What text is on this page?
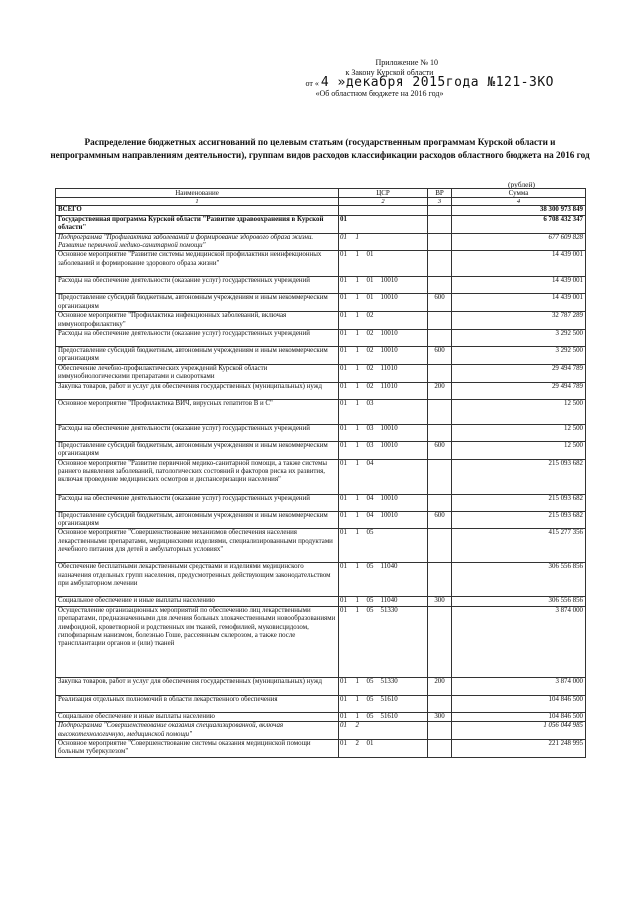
Приложение № 10
к Закону Курской области
от « 4 »декабря 2015года №121-ЗКО
«Об областном бюджете на 2016 год»
Распределение бюджетных ассигнований по целевым статьям (государственным программам Курской области и непрограммным направлениям деятельности), группам видов расходов классификации расходов областного бюджета на 2016 год
(рублей)
Наименование	ЦСР				ВР	Сумма
1	2				3	4
ВСЕГО						38 300 973 849
Государственная программа Курской области "Развитие здравоохранения в Курской области"	01					6 708 432 347
Подпрограмма "Профилактика заболеваний и формирование здорового образа жизни. Развитие первичной медико-санитарной помощи"	01	1				677 609 828
Основное мероприятие "Развитие системы медицинской профилактики неинфекционных заболеваний и формирование здорового образа жизни"	01	1	01			14 439 001
Расходы на обеспечение деятельности (оказание услуг) государственных учреждений	01	1	01	10010		14 439 001
Предоставление субсидий бюджетным, автономным учреждениям и иным некоммерческим организациям	01	1	01	10010	600	14 439 001
Основное мероприятие "Профилактика инфекционных заболеваний, включая иммунопрофилактику"	01	1	02			32 787 289
Расходы на обеспечение деятельности (оказание услуг) государственных учреждений	01	1	02	10010		3 292 500
Предоставление субсидий бюджетным, автономным учреждениям и иным некоммерческим организациям	01	1	02	10010	600	3 292 500
Обеспечение лечебно-профилактических учреждений Курской области иммунобиологическими препаратами и сыворотками	01	1	02	11010		29 494 789
Закупка товаров, работ и услуг для обеспечения государственных (муниципальных) нужд	01	1	02	11010	200	29 494 789
Основное мероприятие "Профилактика ВИЧ, вирусных гепатитов В и С"	01	1	03			12 500
Расходы на обеспечение деятельности (оказание услуг) государственных учреждений	01	1	03	10010		12 500
Предоставление субсидий бюджетным, автономным учреждениям и иным некоммерческим организациям	01	1	03	10010	600	12 500
Основное мероприятие "Развитие первичной медико-санитарной помощи, а также системы раннего выявления заболеваний, патологических состояний и факторов риска их развития, включая проведение медицинских осмотров и диспансеризации населения"	01	1	04			215 093 682
Расходы на обеспечение деятельности (оказание услуг) государственных учреждений	01	1	04	10010		215 093 682
Предоставление субсидий бюджетным, автономным учреждениям и иным некоммерческим организациям	01	1	04	10010	600	215 093 682
Основное мероприятие "Совершенствование механизмов обеспечения населения лекарственными препаратами, медицинскими изделиями, специализированными продуктами лечебного питания для детей в амбулаторных условиях"	01	1	05			415 277 356
Обеспечение бесплатными лекарственными средствами и изделиями медицинского назначения отдельных групп населения, предусмотренных действующим законодательством при амбулаторном лечении	01	1	05	11040		306 556 856
Социальное обеспечение и иные выплаты населению	01	1	05	11040	300	306 556 856
Осуществление организационных мероприятий по обеспечению лиц лекарственными препаратами, предназначенными для лечения больных злокачественными новообразованиями лимфоидной, кроветворной и родственных им тканей, гемофилией, муковисцидозом, гипофизарным нанизмом, болезнью Гоше, рассеянным склерозом, а также после трансплантации органов и (или) тканей	01	1	05	51330		3 874 000
Закупка товаров, работ и услуг для обеспечения государственных (муниципальных) нужд	01	1	05	51330	200	3 874 000
Реализация отдельных полномочий в области лекарственного обеспечения	01	1	05	51610		104 846 500
Социальное обеспечение и иные выплаты населению	01	1	05	51610	300	104 846 500
Подпрограмма "Совершенствование оказания специализированной, включая высокотехнологичную, медицинской помощи"	01	2				1 056 044 985
Основное мероприятие "Совершенствование системы оказания медицинской помощи больным туберкулезом"	01	2	01			221 248 995
